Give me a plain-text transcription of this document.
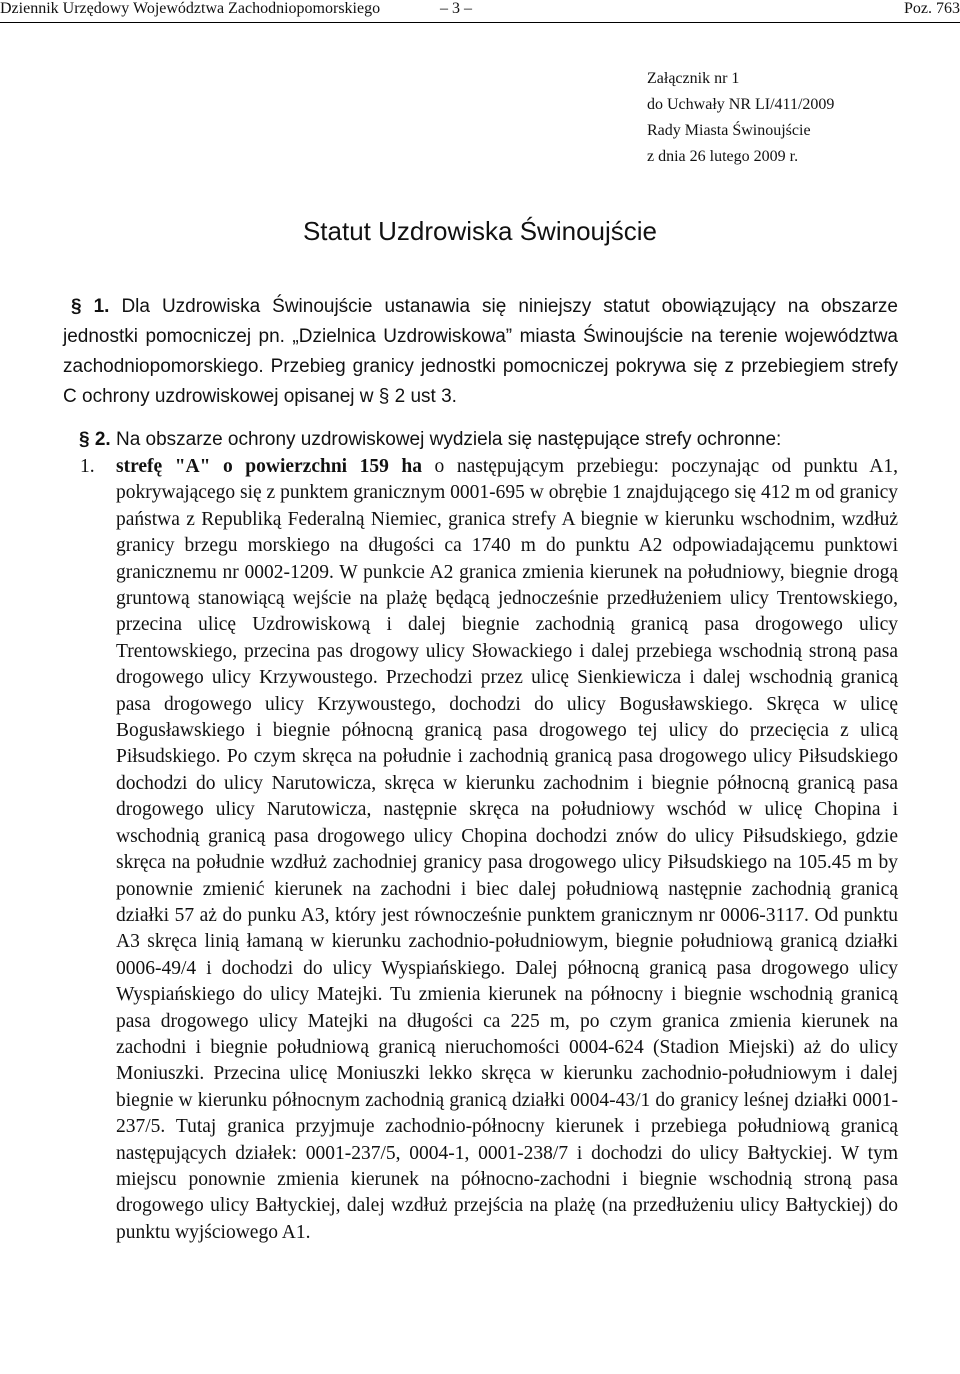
Dziennik Urzędowy Województwa Zachodniopomorskiego	– 3 –	Poz. 763
Załącznik nr 1
do Uchwały NR LI/411/2009
Rady Miasta Świnoujście
z dnia 26 lutego 2009 r.
Statut Uzdrowiska Świnoujście
§ 1. Dla Uzdrowiska Świnoujście ustanawia się niniejszy statut obowiązujący na obszarze jednostki pomocniczej pn. „Dzielnica Uzdrowiskowa” miasta Świnoujście na terenie województwa zachodniopomorskiego. Przebieg granicy jednostki pomocniczej pokrywa się z przebiegiem strefy C ochrony uzdrowiskowej opisanej w § 2 ust 3.
§ 2. Na obszarze ochrony uzdrowiskowej wydziela się następujące strefy ochronne:
1. strefę "A" o powierzchni 159 ha o następującym przebiegu: poczynając od punktu A1, pokrywającego się z punktem granicznym 0001-695 w obrębie 1 znajdującego się 412 m od granicy państwa z Republiką Federalną Niemiec, granica strefy A biegnie w kierunku wschodnim, wzdłuż granicy brzegu morskiego na długości ca 1740 m do punktu A2 odpowiadającemu punktowi granicznemu nr 0002-1209. W punkcie A2 granica zmienia kierunek na południowy, biegnie drogą gruntową stanowiącą wejście na plażę będącą jednocześnie przedłużeniem ulicy Trentowskiego, przecina ulicę Uzdrowiskową i dalej biegnie zachodnią granicą pasa drogowego ulicy Trentowskiego, przecina pas drogowy ulicy Słowackiego i dalej przebiega wschodnią stroną pasa drogowego ulicy Krzywoustego. Przechodzi przez ulicę Sienkiewicza i dalej wschodnią granicą pasa drogowego ulicy Krzywoustego, dochodzi do ulicy Bogusławskiego. Skręca w ulicę Bogusławskiego i biegnie północną granicą pasa drogowego tej ulicy do przecięcia z ulicą Piłsudskiego. Po czym skręca na południe i zachodnią granicą pasa drogowego ulicy Piłsudskiego dochodzi do ulicy Narutowicza, skręca w kierunku zachodnim i biegnie północną granicą pasa drogowego ulicy Narutowicza, następnie skręca na południowy wschód w ulicę Chopina i wschodnią granicą pasa drogowego ulicy Chopina dochodzi znów do ulicy Piłsudskiego, gdzie skręca na południe wzdłuż zachodniej granicy pasa drogowego ulicy Piłsudskiego na 105.45 m by ponownie zmienić kierunek na zachodni i biec dalej południową następnie zachodnią granicą działki 57 aż do punku A3, który jest równocześnie punktem granicznym nr 0006-3117. Od punktu A3 skręca linią łamaną w kierunku zachodnio-południowym, biegnie południową granicą działki 0006-49/4 i dochodzi do ulicy Wyspiańskiego. Dalej północną granicą pasa drogowego ulicy Wyspiańskiego do ulicy Matejki. Tu zmienia kierunek na północny i biegnie wschodnią granicą pasa drogowego ulicy Matejki na długości ca 225 m, po czym granica zmienia kierunek na zachodni i biegnie południową granicą nieruchomości 0004-624 (Stadion Miejski) aż do ulicy Moniuszki. Przecina ulicę Moniuszki lekko skręca w kierunku zachodnio-południowym i dalej biegnie w kierunku północnym zachodnią granicą działki 0004-43/1 do granicy leśnej działki 0001-237/5. Tutaj granica przyjmuje zachodnio-północny kierunek i przebiega południową granicą następujących działek: 0001-237/5, 0004-1, 0001-238/7 i dochodzi do ulicy Bałtyckiej. W tym miejscu ponownie zmienia kierunek na północno-zachodni i biegnie wschodnią stroną pasa drogowego ulicy Bałtyckiej, dalej wzdłuż przejścia na plażę (na przedłużeniu ulicy Bałtyckiej) do punktu wyjściowego A1.
